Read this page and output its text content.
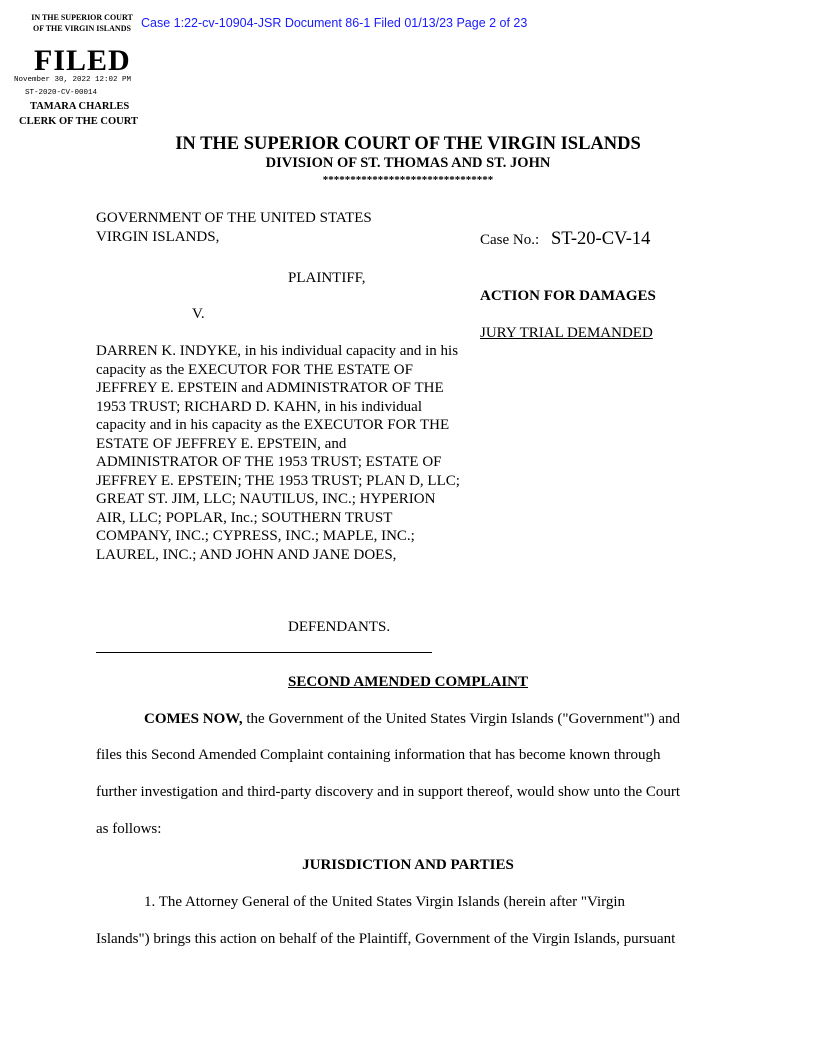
IN THE SUPERIOR COURT
OF THE VIRGIN ISLANDS
FILED
November 30, 2022 12:02 PM
ST-2020-CV-00014
TAMARA CHARLES
CLERK OF THE COURT
Case 1:22-cv-10904-JSR Document 86-1 Filed 01/13/23 Page 2 of 23
IN THE SUPERIOR COURT OF THE VIRGIN ISLANDS
DIVISION OF ST. THOMAS AND ST. JOHN
*******************************
GOVERNMENT OF THE UNITED STATES
VIRGIN ISLANDS,
PLAINTIFF,
V.
DARREN K. INDYKE, in his individual capacity and in his capacity as the EXECUTOR FOR THE ESTATE OF JEFFREY E. EPSTEIN and ADMINISTRATOR OF THE 1953 TRUST; RICHARD D. KAHN, in his individual capacity and in his capacity as the EXECUTOR FOR THE ESTATE OF JEFFREY E. EPSTEIN, and ADMINISTRATOR OF THE 1953 TRUST; ESTATE OF JEFFREY E. EPSTEIN; THE 1953 TRUST; PLAN D, LLC; GREAT ST. JIM, LLC; NAUTILUS, INC.; HYPERION AIR, LLC; POPLAR, Inc.; SOUTHERN TRUST COMPANY, INC.; CYPRESS, INC.; MAPLE, INC.; LAUREL, INC.; AND JOHN AND JANE DOES,
DEFENDANTS.
Case No.: ST-20-CV-14
ACTION FOR DAMAGES
JURY TRIAL DEMANDED
SECOND AMENDED COMPLAINT
COMES NOW, the Government of the United States Virgin Islands ("Government") and
files this Second Amended Complaint containing information that has become known through
further investigation and third-party discovery and in support thereof, would show unto the Court
as follows:
JURISDICTION AND PARTIES
1. The Attorney General of the United States Virgin Islands (herein after "Virgin
Islands") brings this action on behalf of the Plaintiff, Government of the Virgin Islands, pursuant
